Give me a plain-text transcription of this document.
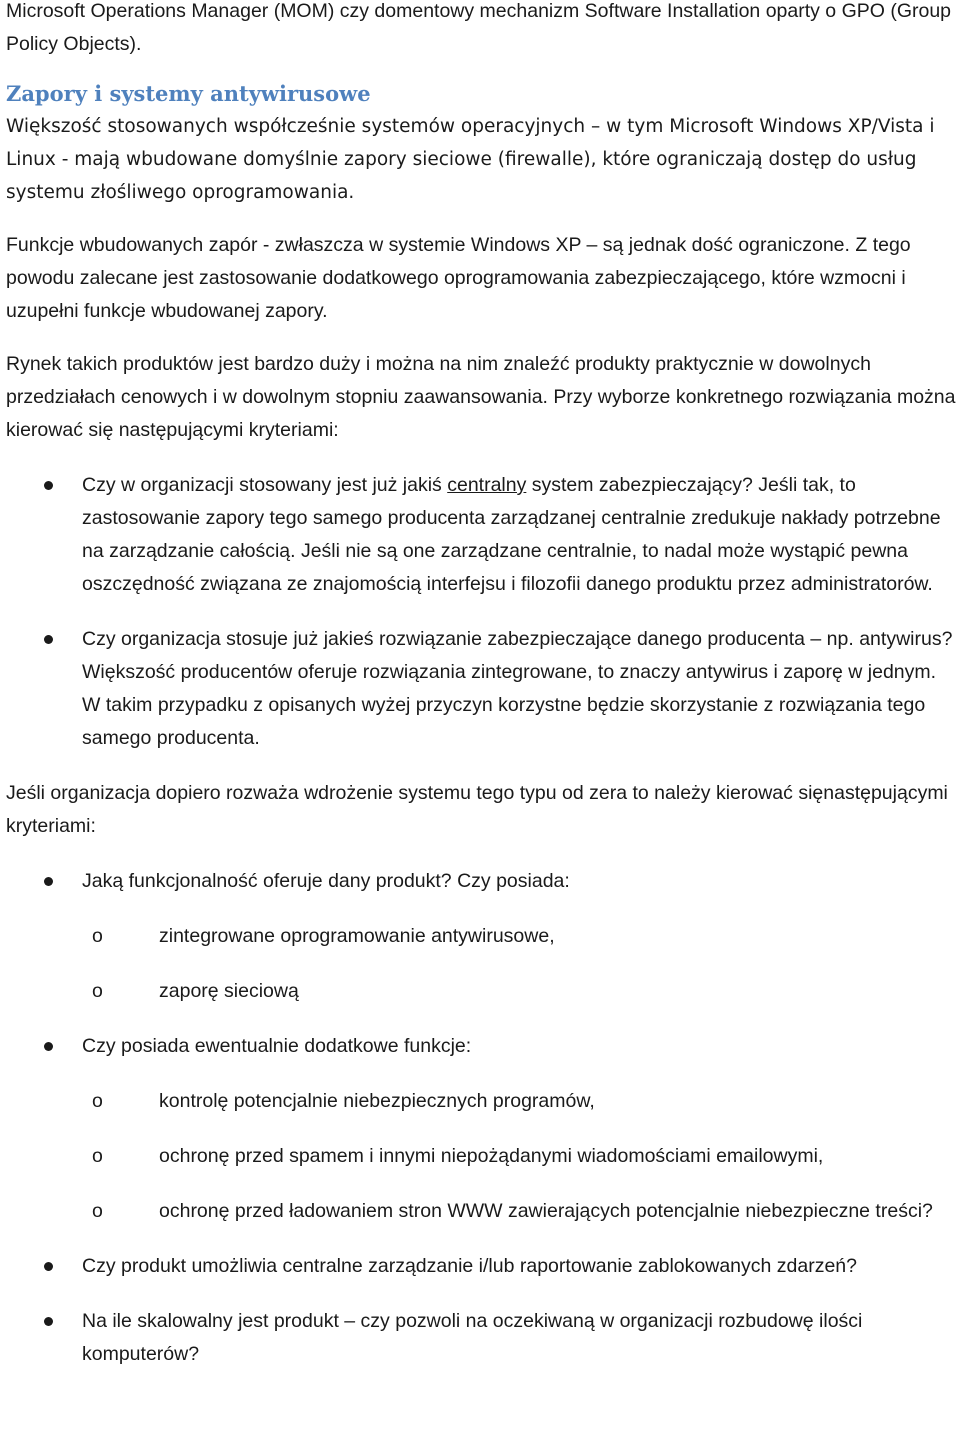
Microsoft Operations Manager (MOM) czy domentowy mechanizm Software Installation oparty o GPO (Group Policy Objects).

Zapory i systemy antywirusowe

Większość stosowanych współcześnie systemów operacyjnych – w tym Microsoft Windows XP/Vista i Linux - mają wbudowane domyślnie zapory sieciowe (firewalle), które ograniczają dostęp do usług systemu złośliwego oprogramowania.

Funkcje wbudowanych zapór - zwłaszcza w systemie Windows XP – są jednak dość ograniczone. Z tego powodu zalecane jest zastosowanie dodatkowego oprogramowania zabezpieczającego, które wzmocni i uzupełni funkcje wbudowanej zapory.

Rynek takich produktów jest bardzo duży i można na nim znaleźć produkty praktycznie w dowolnych przedziałach cenowych i w dowolnym stopniu zaawansowania. Przy wyborze konkretnego rozwiązania można kierować się następującymi kryteriami:

Czy w organizacji stosowany jest już jakiś centralny system zabezpieczający? Jeśli tak, to zastosowanie zapory tego samego producenta zarządzanej centralnie zredukuje nakłady potrzebne na zarządzanie całością. Jeśli nie są one zarządzane centralnie, to nadal może wystąpić pewna oszczędność związana ze znajomością interfejsu i filozofii danego produktu przez administratorów.
Czy organizacja stosuje już jakieś rozwiązanie zabezpieczające danego producenta – np. antywirus? Większość producentów oferuje rozwiązania zintegrowane, to znaczy antywirus i zaporę w jednym. W takim przypadku z opisanych wyżej przyczyn korzystne będzie skorzystanie z rozwiązania tego samego producenta.

Jeśli organizacja dopiero rozważa wdrożenie systemu tego typu od zera to należy kierować sięnastępującymi kryteriami:

Jaką funkcjonalność oferuje dany produkt? Czy posiada:
o	zintegrowane oprogramowanie antywirusowe,
o	zaporę sieciową
Czy posiada ewentualnie dodatkowe funkcje:
o	kontrolę potencjalnie niebezpiecznych programów,
o	ochronę przed spamem i innymi niepożądanymi wiadomościami emailowymi,
o	ochronę przed ładowaniem stron WWW zawierających potencjalnie niebezpieczne treści?
Czy produkt umożliwia centralne zarządzanie i/lub raportowanie zablokowanych zdarzeń?
Na ile skalowalny jest produkt – czy pozwoli na oczekiwaną w organizacji rozbudowę ilości komputerów?
